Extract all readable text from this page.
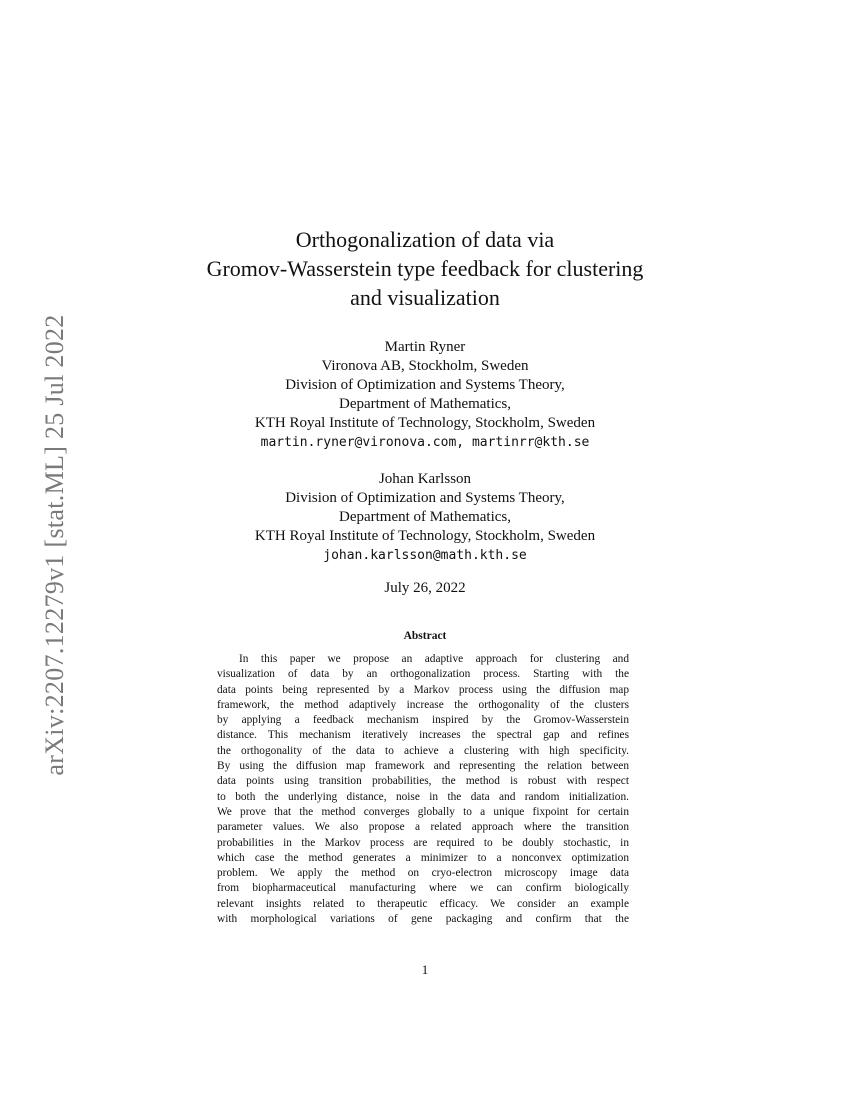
arXiv:2207.12279v1 [stat.ML] 25 Jul 2022
Orthogonalization of data via
Gromov-Wasserstein type feedback for clustering
and visualization
Martin Ryner
Vironova AB, Stockholm, Sweden
Division of Optimization and Systems Theory,
Department of Mathematics,
KTH Royal Institute of Technology, Stockholm, Sweden
martin.ryner@vironova.com, martinrr@kth.se
Johan Karlsson
Division of Optimization and Systems Theory,
Department of Mathematics,
KTH Royal Institute of Technology, Stockholm, Sweden
johan.karlsson@math.kth.se
July 26, 2022
Abstract
In this paper we propose an adaptive approach for clustering and
visualization of data by an orthogonalization process. Starting with the
data points being represented by a Markov process using the diffusion map
framework, the method adaptively increase the orthogonality of the clusters
by applying a feedback mechanism inspired by the Gromov-Wasserstein
distance. This mechanism iteratively increases the spectral gap and refines
the orthogonality of the data to achieve a clustering with high specificity.
By using the diffusion map framework and representing the relation between
data points using transition probabilities, the method is robust with respect
to both the underlying distance, noise in the data and random initialization.
We prove that the method converges globally to a unique fixpoint for certain
parameter values. We also propose a related approach where the transition
probabilities in the Markov process are required to be doubly stochastic, in
which case the method generates a minimizer to a nonconvex optimization
problem. We apply the method on cryo-electron microscopy image data
from biopharmaceutical manufacturing where we can confirm biologically
relevant insights related to therapeutic efficacy. We consider an example
with morphological variations of gene packaging and confirm that the
1
